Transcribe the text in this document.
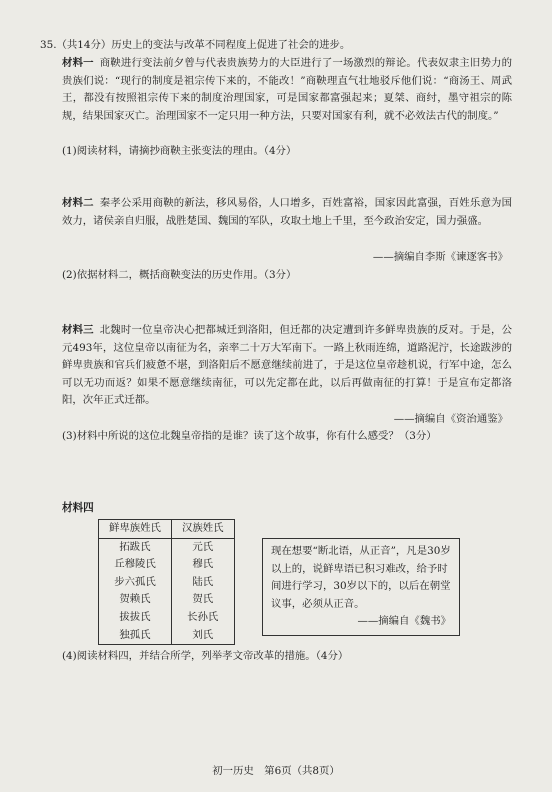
35.（共14分）历史上的变法与改革不同程度上促进了社会的进步。

材料一 商鞅进行变法前夕曾与代表贵族势力的大臣进行了一场激烈的辩论。代表奴隶主旧势力的贵族们说：“现行的制度是祖宗传下来的，不能改！”商鞅理直气壮地驳斥他们说：“商汤王、周武王，都没有按照祖宗传下来的制度治理国家，可是国家都富强起来；夏桀、商纣，墨守祖宗的陈规，结果国家灭亡。治理国家不一定只用一种方法，只要对国家有利，就不必效法古代的制度。”

(1)阅读材料，请摘抄商鞅主张变法的理由。（4分）

材料二 秦孝公采用商鞅的新法，移风易俗，人口增多，百姓富裕，国家因此富强，百姓乐意为国效力，诸侯亲自归服，战胜楚国、魏国的军队，攻取土地上千里，至今政治安定，国力强盛。

——摘编自李斯《谏逐客书》

(2)依据材料二，概括商鞅变法的历史作用。（3分）

材料三 北魏时一位皇帝决心把都城迁到洛阳，但迁都的决定遭到许多鲜卑贵族的反对。于是，公元493年，这位皇帝以南征为名，亲率二十万大军南下。一路上秋雨连绵，道路泥泞，长途跋涉的鲜卑贵族和官兵们疲惫不堪，到洛阳后不愿意继续前进了，于是这位皇帝趁机说，行军中途，怎么可以无功而返？如果不愿意继续南征，可以先定都在此，以后再做南征的打算！于是宣布定都洛阳，次年正式迁都。

——摘编自《资治通鉴》

(3)材料中所说的这位北魏皇帝指的是谁？读了这个故事，你有什么感受？（3分）

材料四
鲜卑族姓氏	汉族姓氏
拓跋氏	元氏
丘穆陵氏	穆氏
步六孤氏	陆氏
贺赖氏	贺氏
拔拔氏	长孙氏
独孤氏	刘氏
现在想要“断北语，从正音”，凡是30岁以上的，说鲜卑语已积习难改，给予时间进行学习，30岁以下的，以后在朝堂议事，必须从正音。
——摘编自《魏书》

(4)阅读材料四，并结合所学，列举孝文帝改革的措施。（4分）

初一历史　第6页（共8页）
